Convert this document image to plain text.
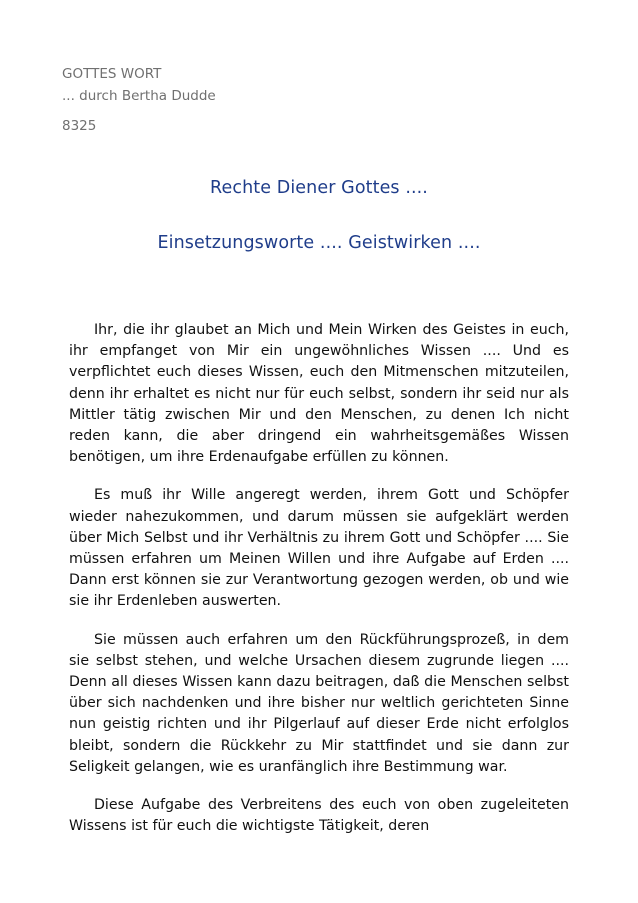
GOTTES WORT
... durch Bertha Dudde
8325
Rechte Diener Gottes ....
Einsetzungsworte .... Geistwirken ....

Ihr, die ihr glaubet an Mich und Mein Wirken des Geistes in euch, ihr empfanget von Mir ein ungewöhnliches Wissen .... Und es verpflichtet euch dieses Wissen, euch den Mitmenschen mitzuteilen, denn ihr erhaltet es nicht nur für euch selbst, sondern ihr seid nur als Mittler tätig zwischen Mir und den Menschen, zu denen Ich nicht reden kann, die aber dringend ein wahrheitsgemäßes Wissen benötigen, um ihre Erdenaufgabe erfüllen zu können.

Es muß ihr Wille angeregt werden, ihrem Gott und Schöpfer wieder nahezukommen, und darum müssen sie aufgeklärt werden über Mich Selbst und ihr Verhältnis zu ihrem Gott und Schöpfer .... Sie müssen erfahren um Meinen Willen und ihre Aufgabe auf Erden .... Dann erst können sie zur Verantwortung gezogen werden, ob und wie sie ihr Erdenleben auswerten.

Sie müssen auch erfahren um den Rückführungsprozeß, in dem sie selbst stehen, und welche Ursachen diesem zugrunde liegen .... Denn all dieses Wissen kann dazu beitragen, daß die Menschen selbst über sich nachdenken und ihre bisher nur weltlich gerichteten Sinne nun geistig richten und ihr Pilgerlauf auf dieser Erde nicht erfolglos bleibt, sondern die Rückkehr zu Mir stattfindet und sie dann zur Seligkeit gelangen, wie es uranfänglich ihre Bestimmung war.

Diese Aufgabe des Verbreitens des euch von oben zugeleiteten Wissens ist für euch die wichtigste Tätigkeit, deren
